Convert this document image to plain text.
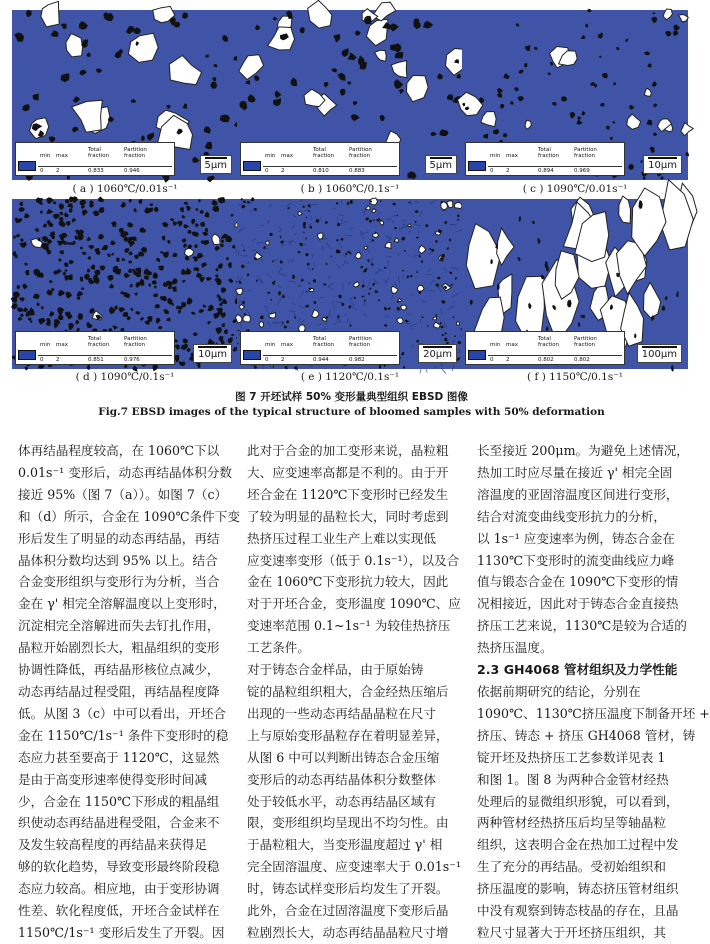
min
0
max
2
Total
fraction
0.833
Partition
fraction
0.946	5μm
min
0
max
2
Total
fraction
0.810
Partition
fraction
0.883	5μm
min
0
max
2
Total
fraction
0.894
Partition
fraction
0.969	10μm
min
0
max
2
Total
fraction
0.851
Partition
fraction
0.976	10μm
min
0
max
2
Total
fraction
0.944
Partition
fraction
0.982	20μm
min
0
max
2
Total
fraction
0.802
Partition
fraction
0.802	100μm
( a ) 1060℃/0.01s⁻¹	( b ) 1060℃/0.1s⁻¹	( c ) 1090℃/0.01s⁻¹
( d ) 1090℃/0.1s⁻¹	( e ) 1120℃/0.1s⁻¹	( f ) 1150℃/0.1s⁻¹
图 7 开坯试样 50% 变形量典型组织 EBSD 图像
Fig.7 EBSD images of the typical structure of bloomed samples with 50% deformation
体再结晶程度较高，在 1060℃下以
0.01s⁻¹ 变形后，动态再结晶体积分数
接近 95%（图 7（a））。如图 7（c）
和（d）所示，合金在 1090℃条件下变
形后发生了明显的动态再结晶，再结
晶体积分数均达到 95% 以上。结合
合金变形组织与变形行为分析，当合
金在 γ' 相完全溶解温度以上变形时，
沉淀相完全溶解进而失去钉扎作用，
晶粒开始剧烈长大，粗晶组织的变形
协调性降低，再结晶形核位点减少，
动态再结晶过程受阻，再结晶程度降
低。从图 3（c）中可以看出，开坯合
金在 1150℃/1s⁻¹ 条件下变形时的稳
态应力甚至要高于 1120℃，这显然
是由于高变形速率使得变形时间减
少，合金在 1150℃下形成的粗晶组
织使动态再结晶进程受阻，合金来不
及发生较高程度的再结晶来获得足
够的软化趋势，导致变形最终阶段稳
态应力较高。相应地，由于变形协调
性差、软化程度低，开坯合金试样在
1150℃/1s⁻¹ 变形后发生了开裂。因
此对于合金的加工变形来说，晶粒粗
大、应变速率高都是不利的。由于开
坯合金在 1120℃下变形时已经发生
了较为明显的晶粒长大，同时考虑到
热挤压过程工业生产上难以实现低
应变速率变形（低于 0.1s⁻¹），以及合
金在 1060℃下变形抗力较大，因此
对于开坯合金，变形温度 1090℃、应
变速率范围 0.1~1s⁻¹ 为较佳热挤压
工艺条件。
对于铸态合金样品，由于原始铸
锭的晶粒组织粗大，合金经热压缩后
出现的一些动态再结晶晶粒在尺寸
上与原始变形晶粒存在着明显差异，
从图 6 中可以判断出铸态合金压缩
变形后的动态再结晶体积分数整体
处于较低水平，动态再结晶区域有
限，变形组织均呈现出不均匀性。由
于晶粒粗大，当变形温度超过 γ' 相
完全固溶温度、应变速率大于 0.01s⁻¹
时，铸态试样变形后均发生了开裂。
此外，合金在过固溶温度下变形后晶
粒剧烈长大，动态再结晶晶粒尺寸增
长至接近 200μm。为避免上述情况，
热加工时应尽量在接近 γ' 相完全固
溶温度的亚固溶温度区间进行变形，
结合对流变曲线变形抗力的分析，
以 1s⁻¹ 应变速率为例，铸态合金在
1130℃下变形时的流变曲线应力峰
值与锻态合金在 1090℃下变形的情
况相接近，因此对于铸态合金直接热
挤压工艺来说，1130℃是较为合适的
热挤压温度。
2.3 GH4068 管材组织及力学性能
依据前期研究的结论，分别在
1090℃、1130℃挤压温度下制备开坯 +
挤压、铸态 + 挤压 GH4068 管材，铸
锭开坯及热挤压工艺参数详见表 1
和图 1。图 8 为两种合金管材经热
处理后的显微组织形貌，可以看到，
两种管材经热挤压后均呈等轴晶粒
组织，这表明合金在热加工过程中发
生了充分的再结晶。受初始组织和
挤压温度的影响，铸态挤压管材组织
中没有观察到铸态枝晶的存在，且晶
粒尺寸显著大于开坯挤压组织，其
